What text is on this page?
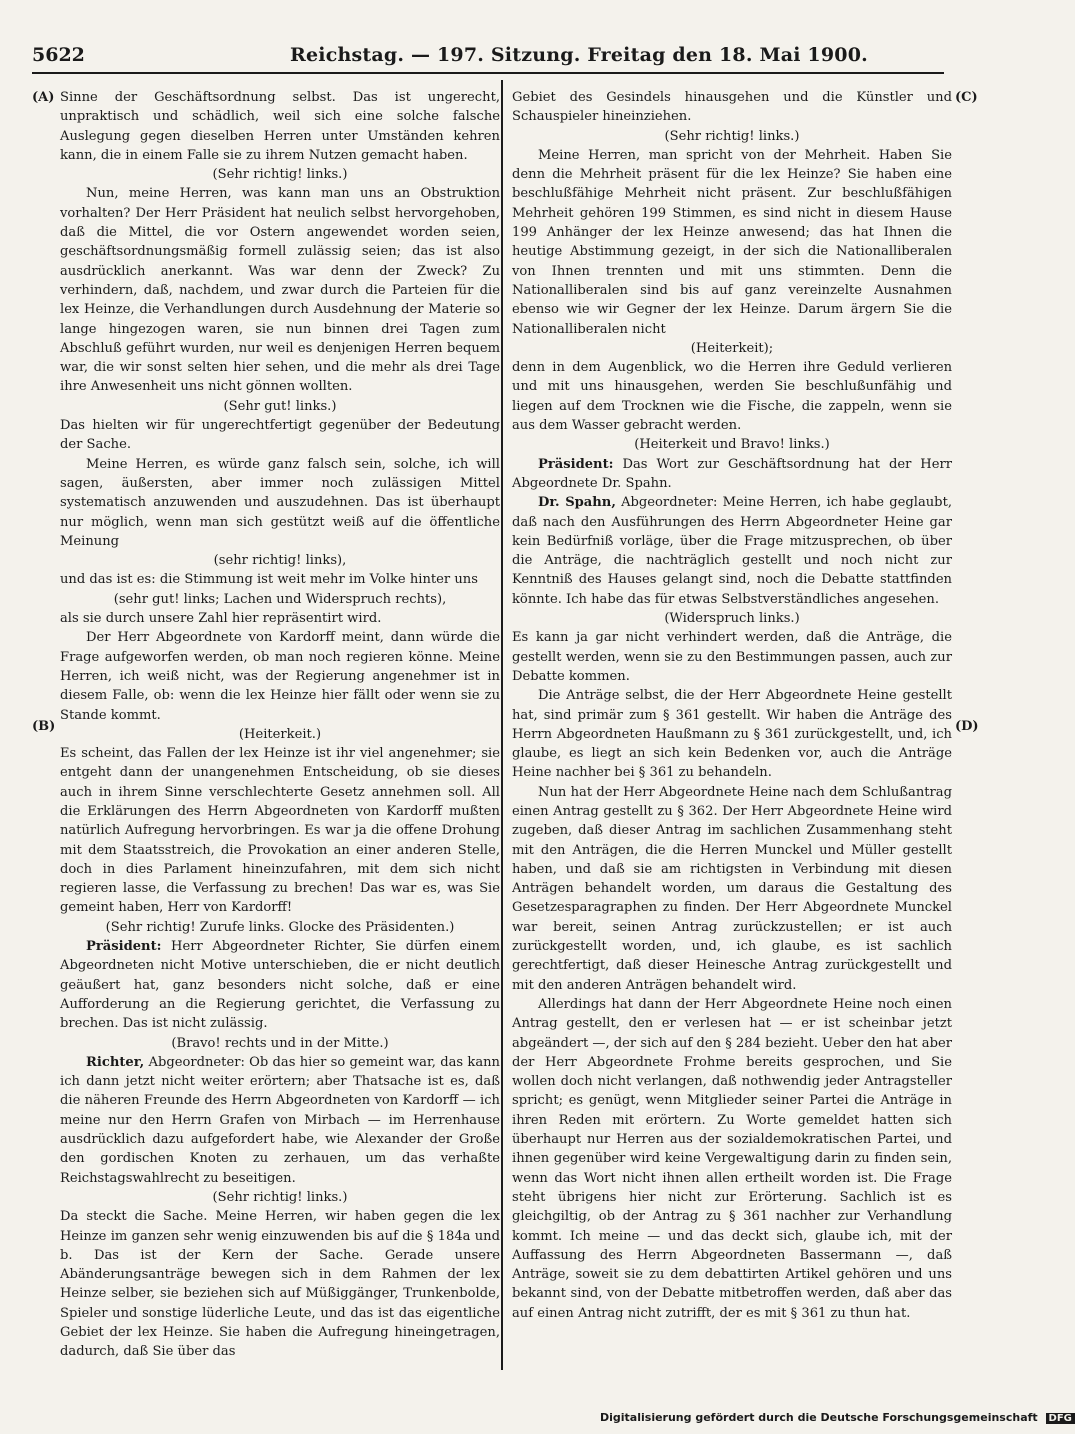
5622	Reichstag. — 197. Sitzung. Freitag den 18. Mai 1900.
(A)
(B)
(C)
(D)

Sinne der Geschäftsordnung selbst. Das ist ungerecht, unpraktisch und schädlich, weil sich eine solche falsche Auslegung gegen dieselben Herren unter Umständen kehren kann, die in einem Falle sie zu ihrem Nutzen gemacht haben.

(Sehr richtig! links.)

Nun, meine Herren, was kann man uns an Obstruktion vorhalten? Der Herr Präsident hat neulich selbst hervorgehoben, daß die Mittel, die vor Ostern angewendet worden seien, geschäftsordnungsmäßig formell zulässig seien; das ist also ausdrücklich anerkannt. Was war denn der Zweck? Zu verhindern, daß, nachdem, und zwar durch die Parteien für die lex Heinze, die Verhandlungen durch Ausdehnung der Materie so lange hingezogen waren, sie nun binnen drei Tagen zum Abschluß geführt wurden, nur weil es denjenigen Herren bequem war, die wir sonst selten hier sehen, und die mehr als drei Tage ihre Anwesenheit uns nicht gönnen wollten.

(Sehr gut! links.)

Das hielten wir für ungerechtfertigt gegenüber der Bedeutung der Sache.

Meine Herren, es würde ganz falsch sein, solche, ich will sagen, äußersten, aber immer noch zulässigen Mittel systematisch anzuwenden und auszudehnen. Das ist überhaupt nur möglich, wenn man sich gestützt weiß auf die öffentliche Meinung

(sehr richtig! links),

und das ist es: die Stimmung ist weit mehr im Volke hinter uns

(sehr gut! links; Lachen und Widerspruch rechts),

als sie durch unsere Zahl hier repräsentirt wird.

Der Herr Abgeordnete von Kardorff meint, dann würde die Frage aufgeworfen werden, ob man noch regieren könne. Meine Herren, ich weiß nicht, was der Regierung angenehmer ist in diesem Falle, ob: wenn die lex Heinze hier fällt oder wenn sie zu Stande kommt.

(Heiterkeit.)

Es scheint, das Fallen der lex Heinze ist ihr viel angenehmer; sie entgeht dann der unangenehmen Entscheidung, ob sie dieses auch in ihrem Sinne verschlechterte Gesetz annehmen soll. All die Erklärungen des Herrn Abgeordneten von Kardorff mußten natürlich Aufregung hervorbringen. Es war ja die offene Drohung mit dem Staatsstreich, die Provokation an einer anderen Stelle, doch in dies Parlament hineinzufahren, mit dem sich nicht regieren lasse, die Verfassung zu brechen! Das war es, was Sie gemeint haben, Herr von Kardorff!

(Sehr richtig! Zurufe links. Glocke des Präsidenten.)

Präsident: Herr Abgeordneter Richter, Sie dürfen einem Abgeordneten nicht Motive unterschieben, die er nicht deutlich geäußert hat, ganz besonders nicht solche, daß er eine Aufforderung an die Regierung gerichtet, die Verfassung zu brechen. Das ist nicht zulässig.

(Bravo! rechts und in der Mitte.)

Richter, Abgeordneter: Ob das hier so gemeint war, das kann ich dann jetzt nicht weiter erörtern; aber Thatsache ist es, daß die näheren Freunde des Herrn Abgeordneten von Kardorff — ich meine nur den Herrn Grafen von Mirbach — im Herrenhause ausdrücklich dazu aufgefordert habe, wie Alexander der Große den gordischen Knoten zu zerhauen, um das verhaßte Reichstagswahlrecht zu beseitigen.

(Sehr richtig! links.)

Da steckt die Sache. Meine Herren, wir haben gegen die lex Heinze im ganzen sehr wenig einzuwenden bis auf die § 184a und b. Das ist der Kern der Sache. Gerade unsere Abänderungsanträge bewegen sich in dem Rahmen der lex Heinze selber, sie beziehen sich auf Müßiggänger, Trunkenbolde, Spieler und sonstige lüderliche Leute, und das ist das eigentliche Gebiet der lex Heinze. Sie haben die Aufregung hineingetragen, dadurch, daß Sie über das

Gebiet des Gesindels hinausgehen und die Künstler und Schauspieler hineinziehen.

(Sehr richtig! links.)

Meine Herren, man spricht von der Mehrheit. Haben Sie denn die Mehrheit präsent für die lex Heinze? Sie haben eine beschlußfähige Mehrheit nicht präsent. Zur beschlußfähigen Mehrheit gehören 199 Stimmen, es sind nicht in diesem Hause 199 Anhänger der lex Heinze anwesend; das hat Ihnen die heutige Abstimmung gezeigt, in der sich die Nationalliberalen von Ihnen trennten und mit uns stimmten. Denn die Nationalliberalen sind bis auf ganz vereinzelte Ausnahmen ebenso wie wir Gegner der lex Heinze. Darum ärgern Sie die Nationalliberalen nicht

(Heiterkeit);

denn in dem Augenblick, wo die Herren ihre Geduld verlieren und mit uns hinausgehen, werden Sie beschlußunfähig und liegen auf dem Trocknen wie die Fische, die zappeln, wenn sie aus dem Wasser gebracht werden.

(Heiterkeit und Bravo! links.)

Präsident: Das Wort zur Geschäftsordnung hat der Herr Abgeordnete Dr. Spahn.

Dr. Spahn, Abgeordneter: Meine Herren, ich habe geglaubt, daß nach den Ausführungen des Herrn Abgeordneter Heine gar kein Bedürfniß vorläge, über die Frage mitzusprechen, ob über die Anträge, die nachträglich gestellt und noch nicht zur Kenntniß des Hauses gelangt sind, noch die Debatte stattfinden könnte. Ich habe das für etwas Selbstverständliches angesehen.

(Widerspruch links.)

Es kann ja gar nicht verhindert werden, daß die Anträge, die gestellt werden, wenn sie zu den Bestimmungen passen, auch zur Debatte kommen.

Die Anträge selbst, die der Herr Abgeordnete Heine gestellt hat, sind primär zum § 361 gestellt. Wir haben die Anträge des Herrn Abgeordneten Haußmann zu § 361 zurückgestellt, und, ich glaube, es liegt an sich kein Bedenken vor, auch die Anträge Heine nachher bei § 361 zu behandeln.

Nun hat der Herr Abgeordnete Heine nach dem Schlußantrag einen Antrag gestellt zu § 362. Der Herr Abgeordnete Heine wird zugeben, daß dieser Antrag im sachlichen Zusammenhang steht mit den Anträgen, die die Herren Munckel und Müller gestellt haben, und daß sie am richtigsten in Verbindung mit diesen Anträgen behandelt worden, um daraus die Gestaltung des Gesetzesparagraphen zu finden. Der Herr Abgeordnete Munckel war bereit, seinen Antrag zurückzustellen; er ist auch zurückgestellt worden, und, ich glaube, es ist sachlich gerechtfertigt, daß dieser Heinesche Antrag zurückgestellt und mit den anderen Anträgen behandelt wird.

Allerdings hat dann der Herr Abgeordnete Heine noch einen Antrag gestellt, den er verlesen hat — er ist scheinbar jetzt abgeändert —, der sich auf den § 284 bezieht. Ueber den hat aber der Herr Abgeordnete Frohme bereits gesprochen, und Sie wollen doch nicht verlangen, daß nothwendig jeder Antragsteller spricht; es genügt, wenn Mitglieder seiner Partei die Anträge in ihren Reden mit erörtern. Zu Worte gemeldet hatten sich überhaupt nur Herren aus der sozialdemokratischen Partei, und ihnen gegenüber wird keine Vergewaltigung darin zu finden sein, wenn das Wort nicht ihnen allen ertheilt worden ist. Die Frage steht übrigens hier nicht zur Erörterung. Sachlich ist es gleichgiltig, ob der Antrag zu § 361 nachher zur Verhandlung kommt. Ich meine — und das deckt sich, glaube ich, mit der Auffassung des Herrn Abgeordneten Bassermann —, daß Anträge, soweit sie zu dem debattirten Artikel gehören und uns bekannt sind, von der Debatte mitbetroffen werden, daß aber das auf einen Antrag nicht zutrifft, der es mit § 361 zu thun hat.

Digitalisierung gefördert durch die Deutsche Forschungsgemeinschaft DFG
